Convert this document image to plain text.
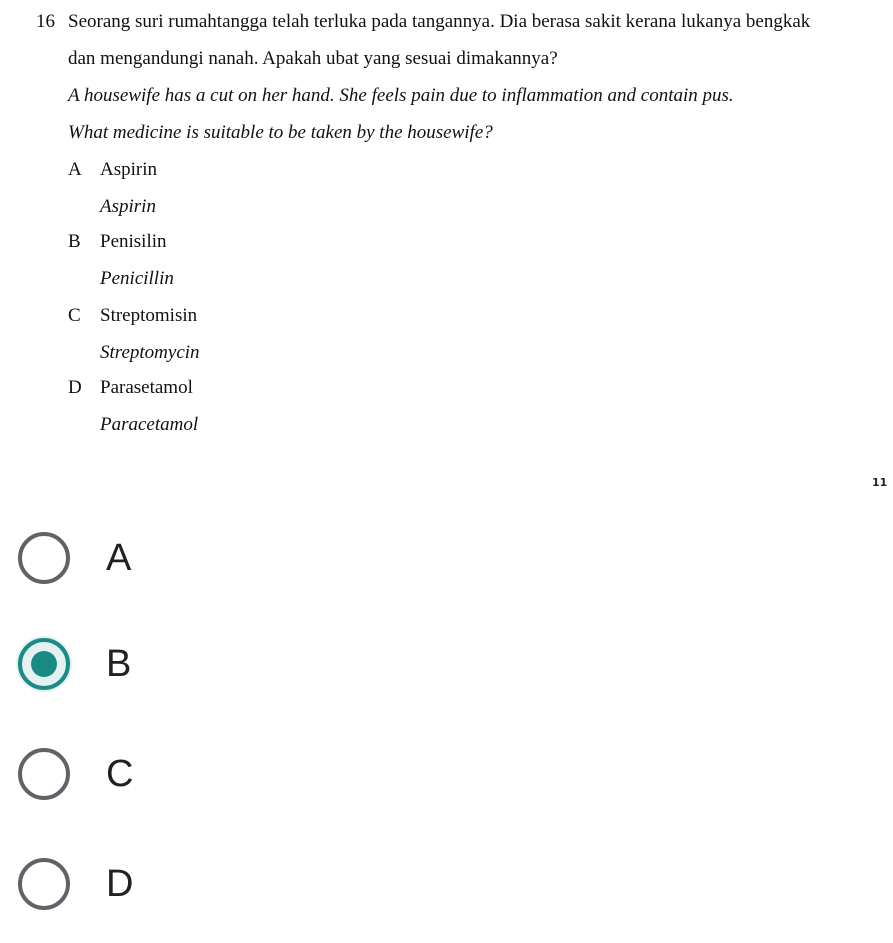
16 Seorang suri rumahtangga telah terluka pada tangannya. Dia berasa sakit kerana lukanya bengkak
dan mengandungi nanah. Apakah ubat yang sesuai dimakannya?
A housewife has a cut on her hand. She feels pain due to inflammation and contain pus.
What medicine is suitable to be taken by the housewife?
A Aspirin
Aspirin
B Penisilin
Penicillin
C Streptomisin
Streptomycin
D Parasetamol
Paracetamol
11
A
B
C
D
